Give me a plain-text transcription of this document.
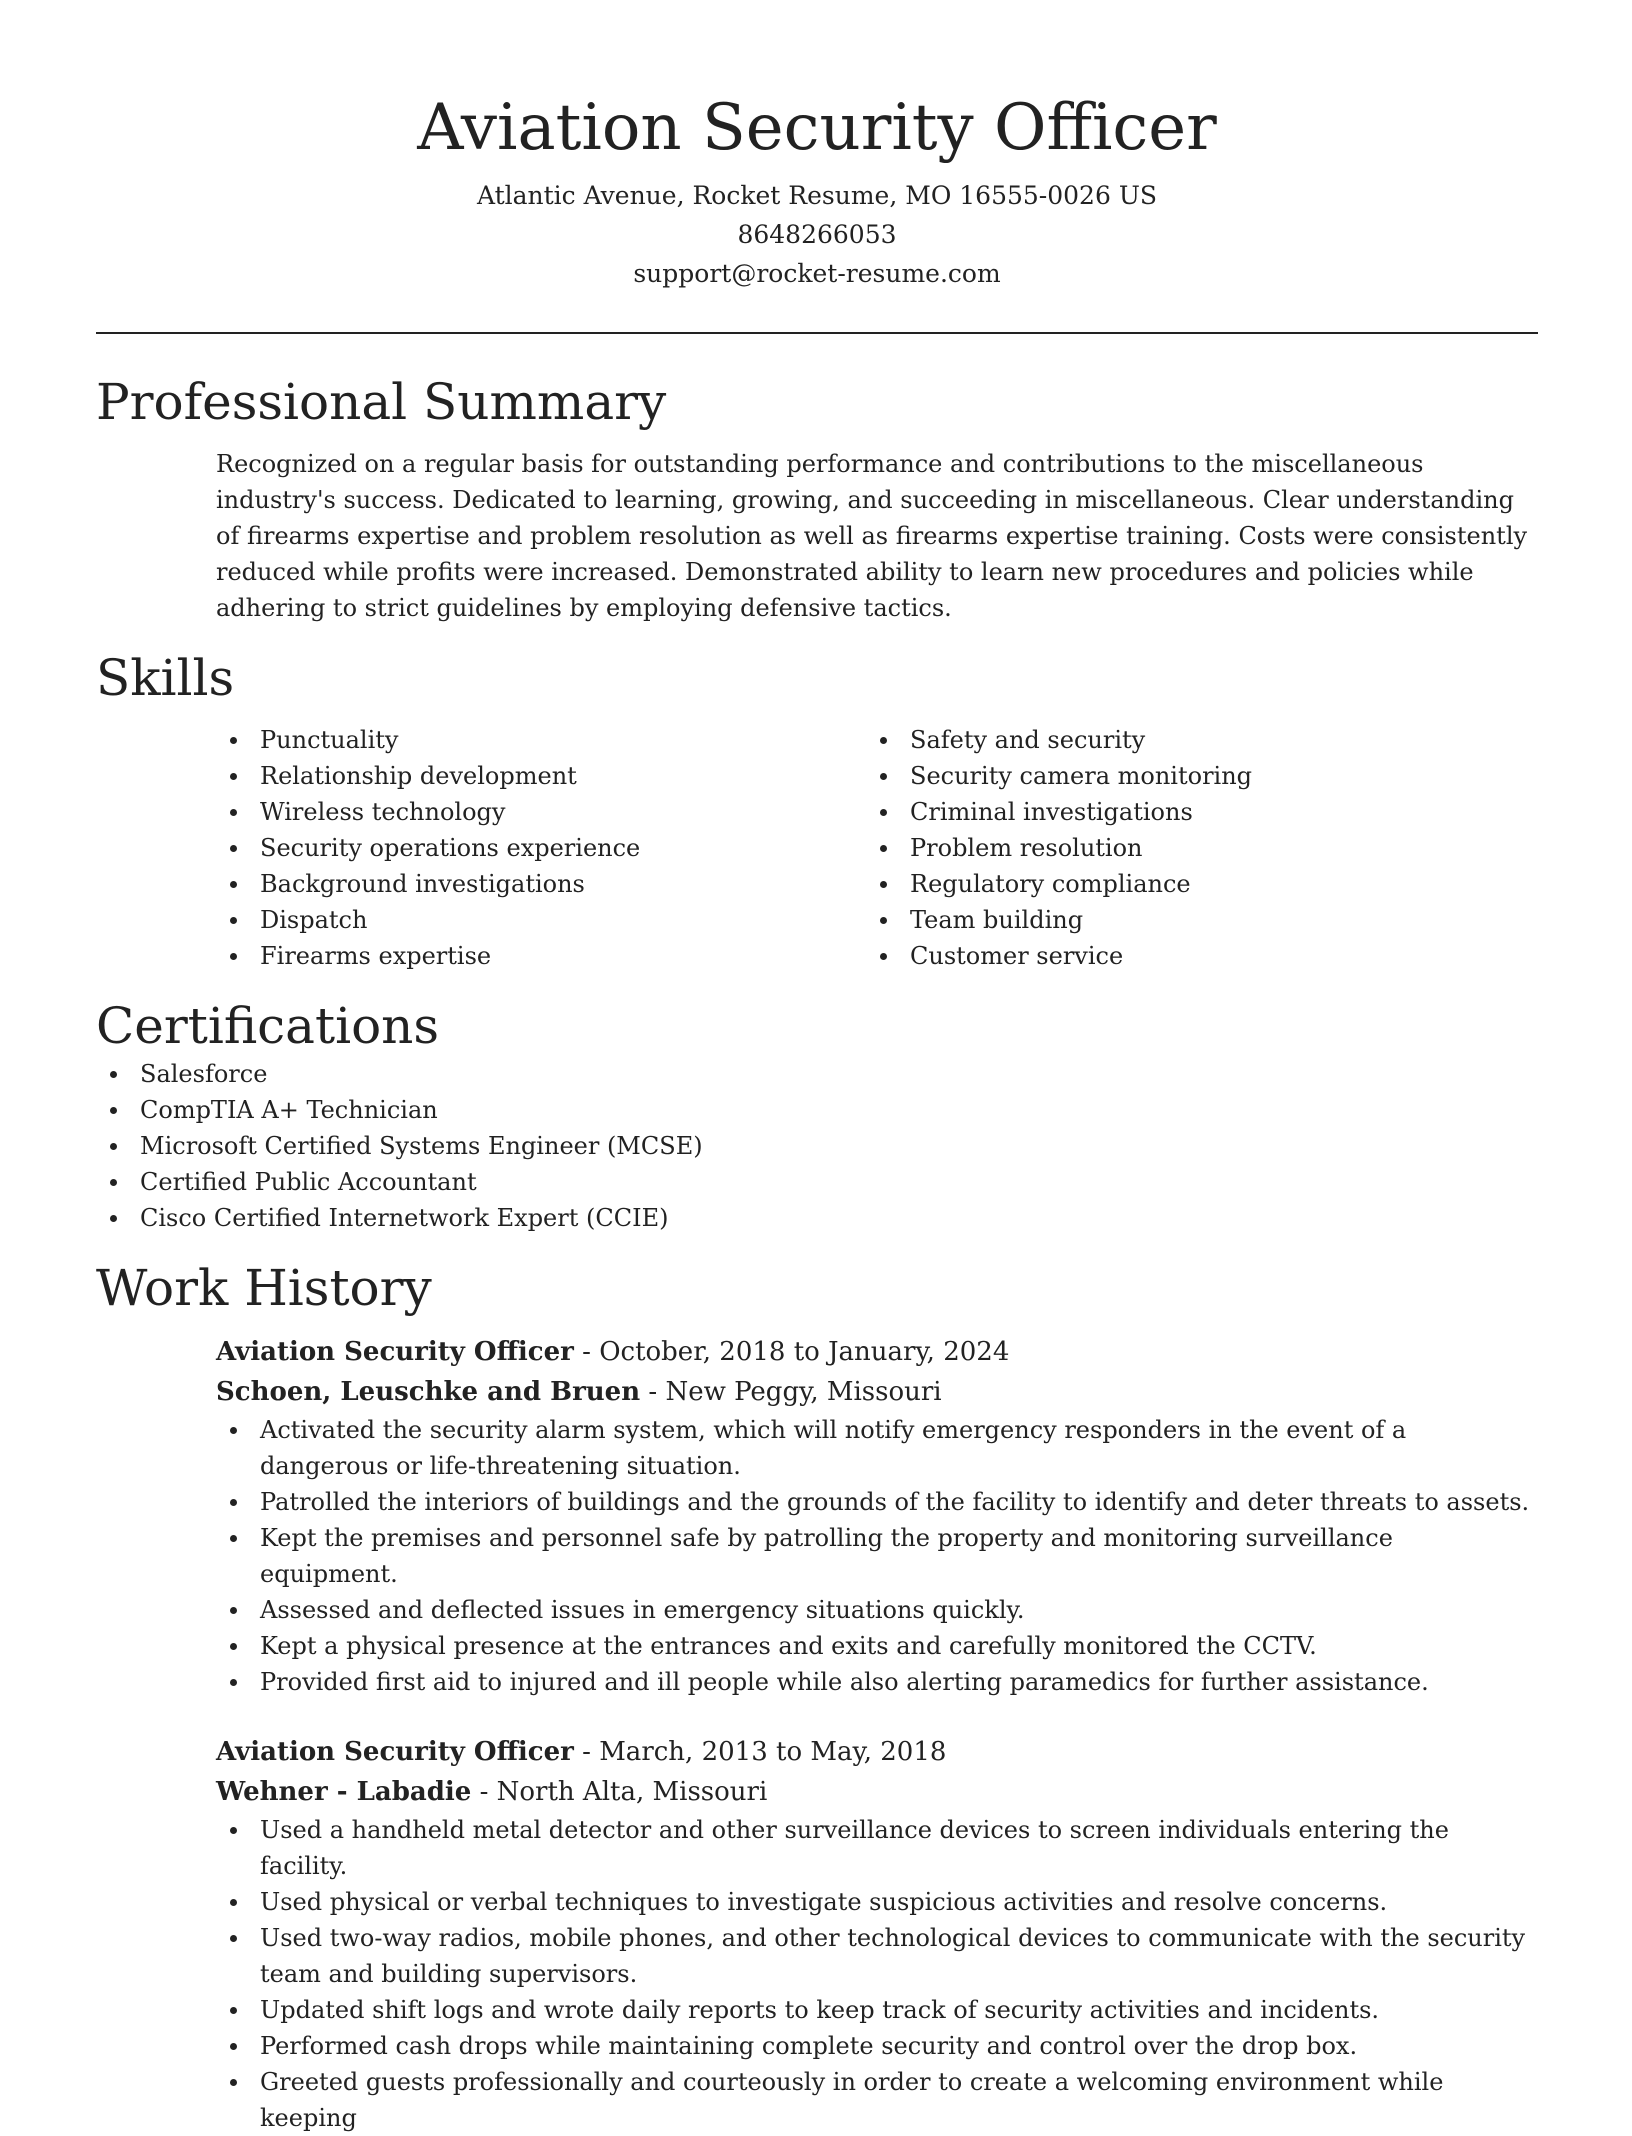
Aviation Security Officer
Atlantic Avenue, Rocket Resume, MO 16555-0026 US
8648266053
support@rocket-resume.com
Professional Summary
Recognized on a regular basis for outstanding performance and contributions to the miscellaneous industry's success. Dedicated to learning, growing, and succeeding in miscellaneous. Clear understanding of firearms expertise and problem resolution as well as firearms expertise training. Costs were consistently reduced while profits were increased. Demonstrated ability to learn new procedures and policies while adhering to strict guidelines by employing defensive tactics.
Skills
Punctuality
Relationship development
Wireless technology
Security operations experience
Background investigations
Dispatch
Firearms expertise
Safety and security
Security camera monitoring
Criminal investigations
Problem resolution
Regulatory compliance
Team building
Customer service
Certifications
Salesforce
CompTIA A+ Technician
Microsoft Certified Systems Engineer (MCSE)
Certified Public Accountant
Cisco Certified Internetwork Expert (CCIE)
Work History
Aviation Security Officer - October, 2018 to January, 2024
Schoen, Leuschke and Bruen - New Peggy, Missouri
Activated the security alarm system, which will notify emergency responders in the event of a dangerous or life-threatening situation.
Patrolled the interiors of buildings and the grounds of the facility to identify and deter threats to assets.
Kept the premises and personnel safe by patrolling the property and monitoring surveillance equipment.
Assessed and deflected issues in emergency situations quickly.
Kept a physical presence at the entrances and exits and carefully monitored the CCTV.
Provided first aid to injured and ill people while also alerting paramedics for further assistance.
Aviation Security Officer - March, 2013 to May, 2018
Wehner - Labadie - North Alta, Missouri
Used a handheld metal detector and other surveillance devices to screen individuals entering the facility.
Used physical or verbal techniques to investigate suspicious activities and resolve concerns.
Used two-way radios, mobile phones, and other technological devices to communicate with the security team and building supervisors.
Updated shift logs and wrote daily reports to keep track of security activities and incidents.
Performed cash drops while maintaining complete security and control over the drop box.
Greeted guests professionally and courteously in order to create a welcoming environment while keeping
